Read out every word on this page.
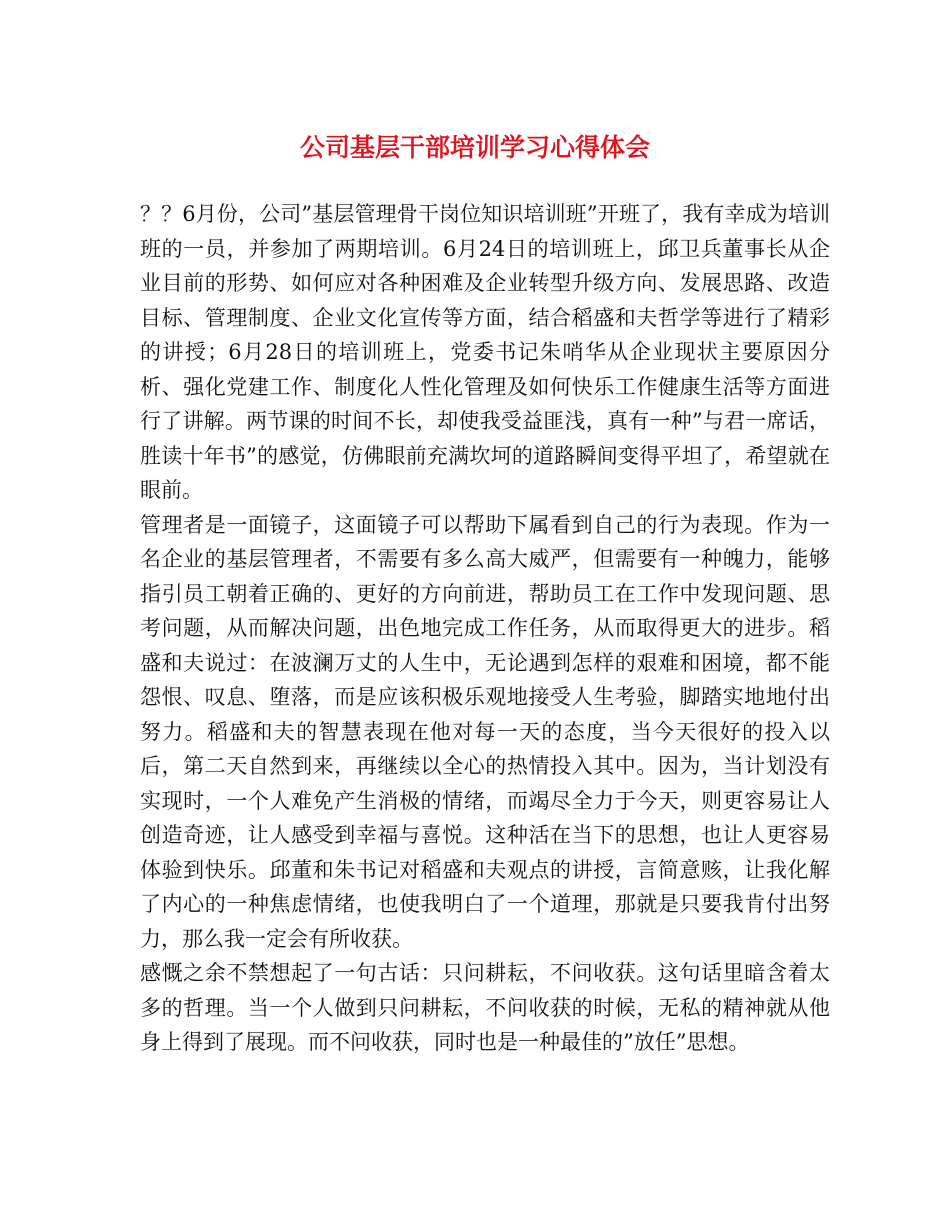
公司基层干部培训学习心得体会

？？6月份，公司”基层管理骨干岗位知识培训班”开班了，我有幸成为培训班的一员，并参加了两期培训。6月24日的培训班上，邱卫兵董事长从企业目前的形势、如何应对各种困难及企业转型升级方向、发展思路、改造目标、管理制度、企业文化宣传等方面，结合稻盛和夫哲学等进行了精彩的讲授；6月28日的培训班上，党委书记朱哨华从企业现状主要原因分析、强化党建工作、制度化人性化管理及如何快乐工作健康生活等方面进行了讲解。两节课的时间不长，却使我受益匪浅，真有一种”与君一席话，胜读十年书”的感觉，仿佛眼前充满坎坷的道路瞬间变得平坦了，希望就在眼前。

管理者是一面镜子，这面镜子可以帮助下属看到自己的行为表现。作为一名企业的基层管理者，不需要有多么高大威严，但需要有一种魄力，能够指引员工朝着正确的、更好的方向前进，帮助员工在工作中发现问题、思考问题，从而解决问题，出色地完成工作任务，从而取得更大的进步。稻盛和夫说过：在波澜万丈的人生中，无论遇到怎样的艰难和困境，都不能怨恨、叹息、堕落，而是应该积极乐观地接受人生考验，脚踏实地地付出努力。稻盛和夫的智慧表现在他对每一天的态度，当今天很好的投入以后，第二天自然到来，再继续以全心的热情投入其中。因为，当计划没有实现时，一个人难免产生消极的情绪，而竭尽全力于今天，则更容易让人创造奇迹，让人感受到幸福与喜悦。这种活在当下的思想，也让人更容易体验到快乐。邱董和朱书记对稻盛和夫观点的讲授，言简意赅，让我化解了内心的一种焦虑情绪，也使我明白了一个道理，那就是只要我肯付出努力，那么我一定会有所收获。

感慨之余不禁想起了一句古话：只问耕耘，不问收获。这句话里暗含着太多的哲理。当一个人做到只问耕耘，不问收获的时候，无私的精神就从他身上得到了展现。而不问收获，同时也是一种最佳的”放任”思想。
